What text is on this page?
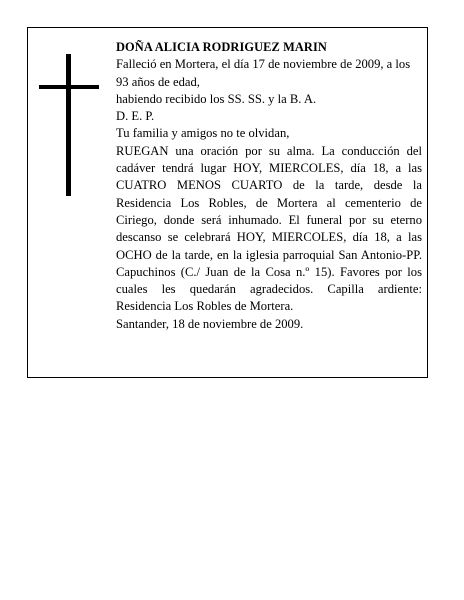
DOÑA ALICIA RODRIGUEZ MARIN

Falleció en Mortera, el día 17 de noviembre de 2009, a los 93 años de edad,

habiendo recibido los SS. SS. y la B. A.

D. E. P.

Tu familia y amigos no te olvidan,

RUEGAN una oración por su alma. La conducción del cadáver tendrá lugar HOY, MIERCOLES, día 18, a las CUATRO MENOS CUARTO de la tarde, desde la Residencia Los Robles, de Mortera al cementerio de Ciriego, donde será inhumado. El funeral por su eterno descanso se celebrará HOY, MIERCOLES, día 18, a las OCHO de la tarde, en la iglesia parroquial San Antonio-PP. Capuchinos (C./ Juan de la Cosa n.º 15). Favores por los cuales les quedarán agradecidos. Capilla ardiente: Residencia Los Robles de Mortera.

Santander, 18 de noviembre de 2009.
